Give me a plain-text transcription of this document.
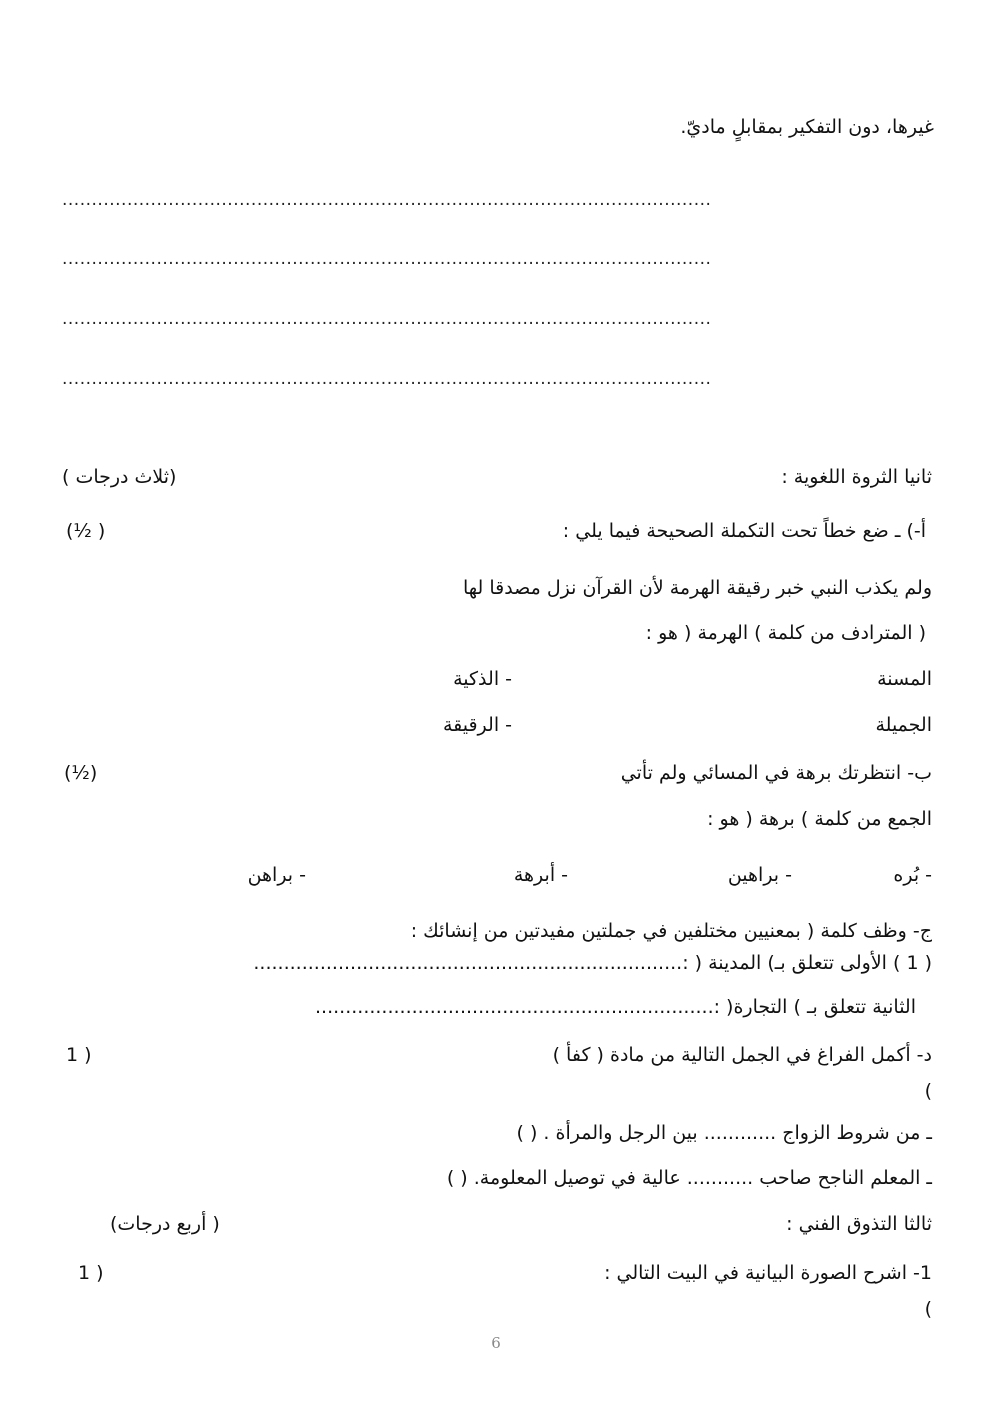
غيرها، دون التفكير بمقابلٍ ماديّ.
..............................................................................................................
..............................................................................................................
..............................................................................................................
..............................................................................................................
ثانيا الثروة اللغوية :
(ثلاث درجات )
أ-) ـ ضع خطاً تحت التكملة الصحيحة فيما يلي :
( ½)
ولم يكذب النبي خبر رقيقة الهرمة لأن القرآن نزل مصدقا لها
( المترادف من كلمة ) الهرمة ( هو :
المسنة
- الذكية
الجميلة
- الرقيقة
ب- انتظرتك برهة في المسائي ولم تأتي
(½)
الجمع من كلمة ) برهة ( هو :
- بُره
- براهين
- أبرهة
- براهن
ج- وظف كلمة ( بمعنيين مختلفين في جملتين مفيدتين من إنشائك :
( 1 ) الأولى تتعلق بـ) المدينة ( :.......................................................................
الثانية تتعلق بـ ) التجارة( :..................................................................
د- أكمل الفراغ في الجمل التالية من مادة ( كفأ )
( 1
)
ـ من شروط الزواج ............ بين الرجل والمرأة . ( )
ـ المعلم الناجح صاحب ........... عالية في توصيل المعلومة. ( )
ثالثا التذوق الفني :
( أربع درجات)
1- اشرح الصورة البيانية في البيت التالي :
( 1
)
6
